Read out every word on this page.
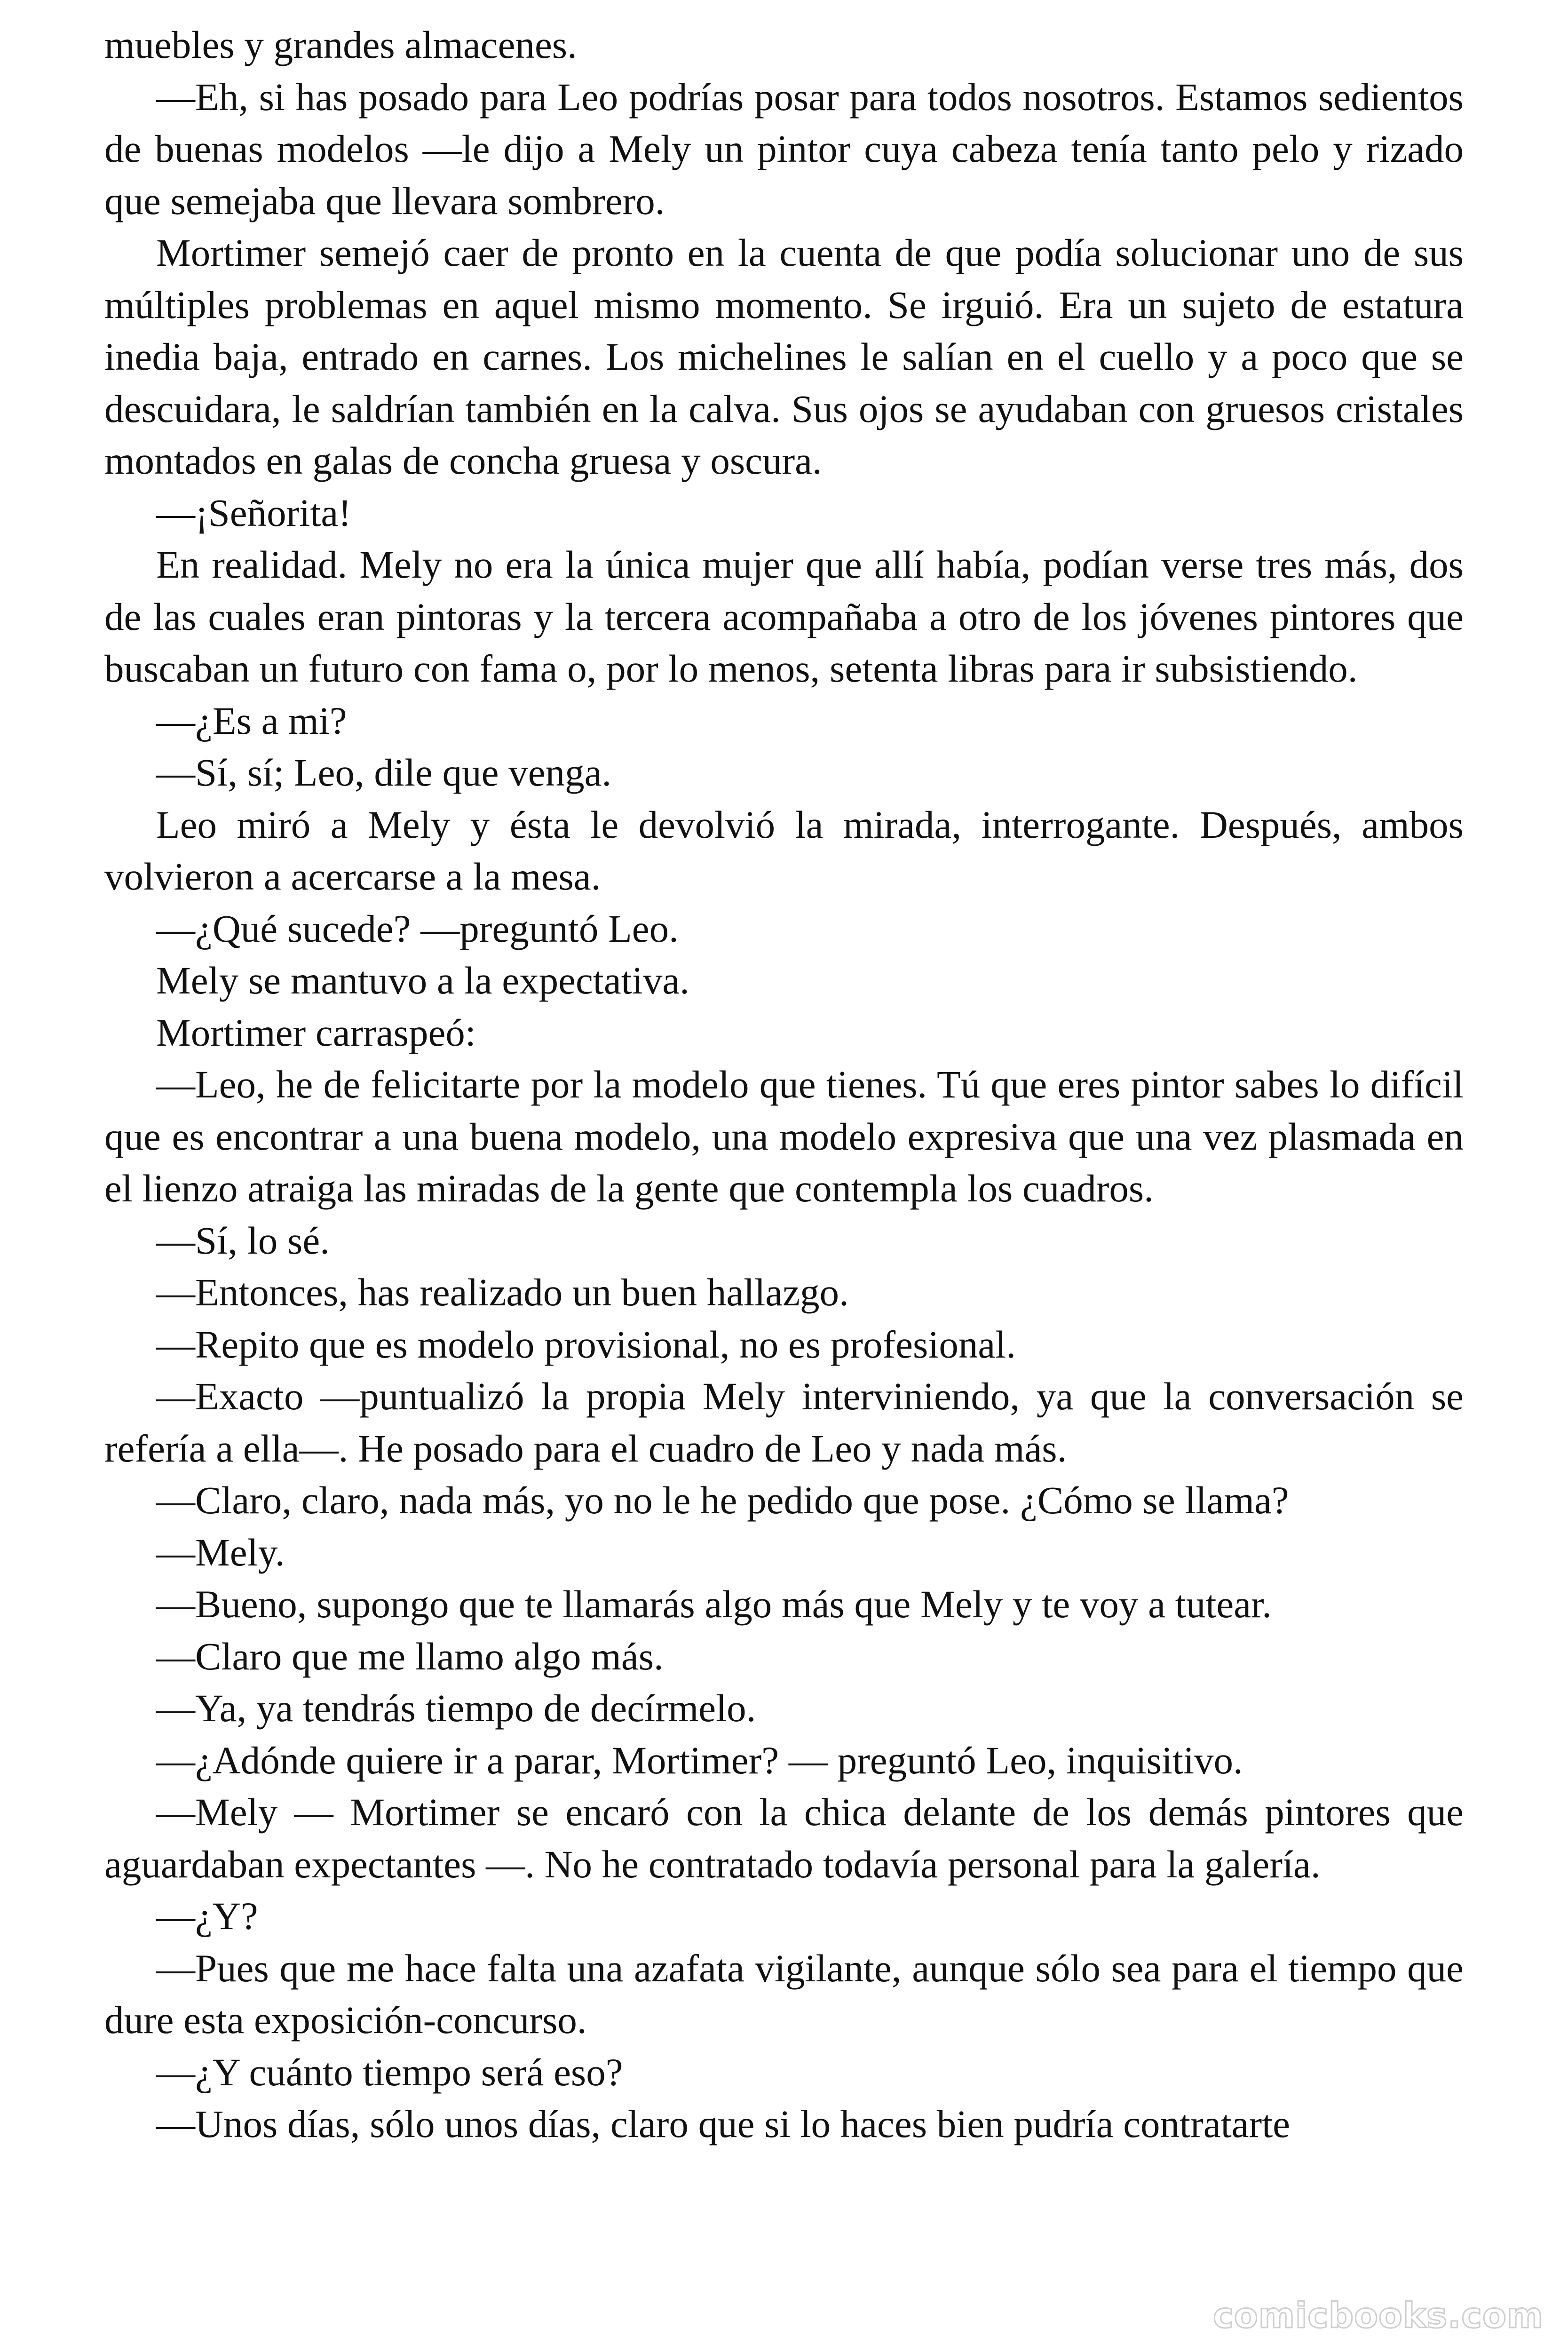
muebles y grandes almacenes.

—Eh, si has posado para Leo podrías posar para todos nosotros. Estamos sedientos de buenas modelos —le dijo a Mely un pintor cuya cabeza tenía tanto pelo y rizado que semejaba que llevara sombrero.

Mortimer semejó caer de pronto en la cuenta de que podía solucionar uno de sus múltiples problemas en aquel mismo momento. Se irguió. Era un sujeto de estatura inedia baja, entrado en carnes. Los michelines le salían en el cuello y a poco que se descuidara, le saldrían también en la calva. Sus ojos se ayudaban con gruesos cristales montados en galas de concha gruesa y oscura.

—¡Señorita!

En realidad. Mely no era la única mujer que allí había, podían verse tres más, dos de las cuales eran pintoras y la tercera acompañaba a otro de los jóvenes pintores que buscaban un futuro con fama o, por lo menos, setenta libras para ir subsistiendo.

—¿Es a mi?

—Sí, sí; Leo, dile que venga.

Leo miró a Mely y ésta le devolvió la mirada, interrogante. Después, ambos volvieron a acercarse a la mesa.

—¿Qué sucede? —preguntó Leo.

Mely se mantuvo a la expectativa.

Mortimer carraspeó:

—Leo, he de felicitarte por la modelo que tienes. Tú que eres pintor sabes lo difícil que es encontrar a una buena modelo, una modelo expresiva que una vez plasmada en el lienzo atraiga las miradas de la gente que contempla los cuadros.

—Sí, lo sé.

—Entonces, has realizado un buen hallazgo.

—Repito que es modelo provisional, no es profesional.

—Exacto —puntualizó la propia Mely interviniendo, ya que la conversación se refería a ella—. He posado para el cuadro de Leo y nada más.

—Claro, claro, nada más, yo no le he pedido que pose. ¿Cómo se llama?

—Mely.

—Bueno, supongo que te llamarás algo más que Mely y te voy a tutear.

—Claro que me llamo algo más.

—Ya, ya tendrás tiempo de decírmelo.

—¿Adónde quiere ir a parar, Mortimer? — preguntó Leo, inquisitivo.

—Mely — Mortimer se encaró con la chica delante de los demás pintores que aguardaban expectantes —. No he contratado todavía personal para la galería.

—¿Y?

—Pues que me hace falta una azafata vigilante, aunque sólo sea para el tiempo que dure esta exposición-concurso.

—¿Y cuánto tiempo será eso?

—Unos días, sólo unos días, claro que si lo haces bien pudría contratarte

comicbooks.com
